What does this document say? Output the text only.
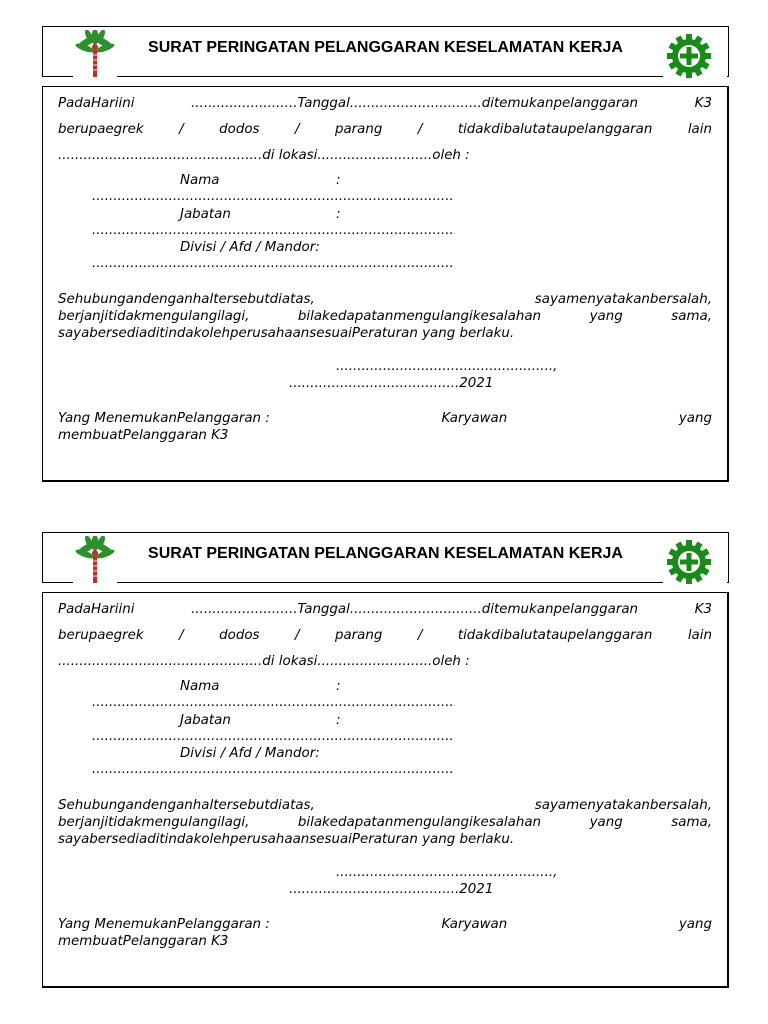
SURAT PERINGATAN PELANGGARAN KESELAMATAN KERJA
PadaHariini	.........................Tanggal...............................ditemukanpelanggaran	K3
berupaegrek	/	dodos	/	parang	/	tidakdibalutataupelanggaran	lain
................................................di lokasi...........................oleh :
Nama	:
.....................................................................................
Jabatan	:
.....................................................................................
Divisi / Afd / Mandor:
.....................................................................................
Sehubungandenganhaltersebutdiatas,	sayamenyatakanbersalah,
berjanjitidakmengulangilagi,	bilakedapatanmengulangikesalahan	yang	sama,
sayabersediaditindakolehperusahaansesuaiPeraturan yang berlaku.
...................................................,
........................................2021
Yang MenemukanPelanggaran :	Karyawan	yang
membuatPelanggaran K3
SURAT PERINGATAN PELANGGARAN KESELAMATAN KERJA
PadaHariini	.........................Tanggal...............................ditemukanpelanggaran	K3
berupaegrek	/	dodos	/	parang	/	tidakdibalutataupelanggaran	lain
................................................di lokasi...........................oleh :
Nama	:
.....................................................................................
Jabatan	:
.....................................................................................
Divisi / Afd / Mandor:
.....................................................................................
Sehubungandenganhaltersebutdiatas,	sayamenyatakanbersalah,
berjanjitidakmengulangilagi,	bilakedapatanmengulangikesalahan	yang	sama,
sayabersediaditindakolehperusahaansesuaiPeraturan yang berlaku.
...................................................,
........................................2021
Yang MenemukanPelanggaran :	Karyawan	yang
membuatPelanggaran K3
